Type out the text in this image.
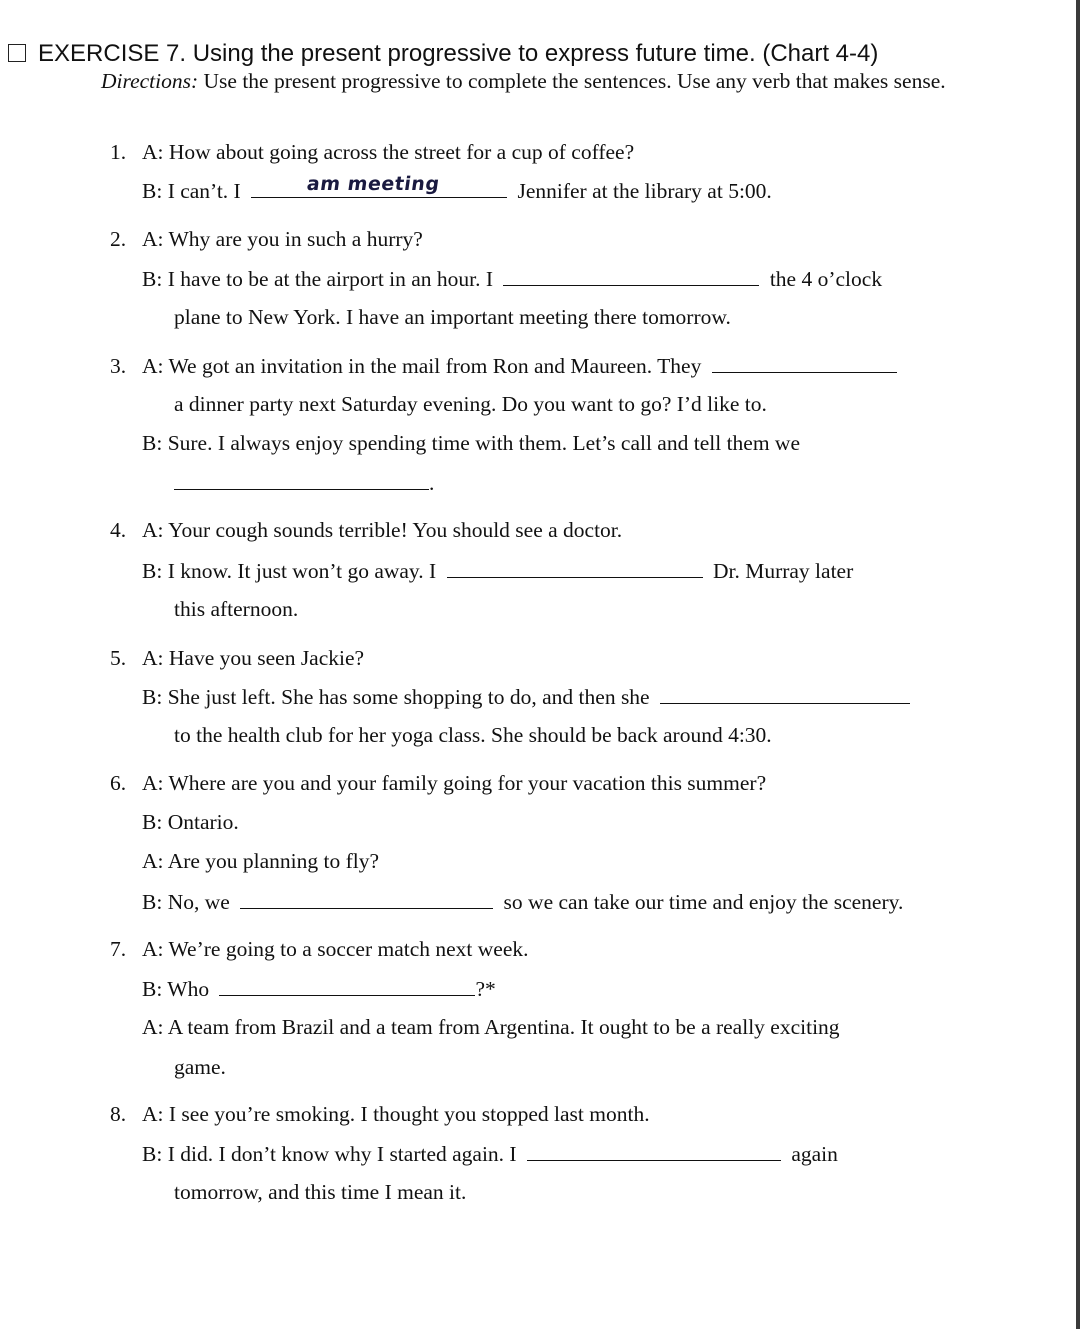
EXERCISE 7. Using the present progressive to express future time. (Chart 4-4)
Directions: Use the present progressive to complete the sentences. Use any verb that makes sense.
1. A: How about going across the street for a cup of coffee?
B: I can’t. I	am meeting	Jennifer at the library at 5:00.
2. A: Why are you in such a hurry?
B: I have to be at the airport in an hour. I	the 4 o’clock
plane to New York. I have an important meeting there tomorrow.
3. A: We got an invitation in the mail from Ron and Maureen. They
a dinner party next Saturday evening. Do you want to go? I’d like to.
B: Sure. I always enjoy spending time with them. Let’s call and tell them we
.
4. A: Your cough sounds terrible! You should see a doctor.
B: I know. It just won’t go away. I	Dr. Murray later
this afternoon.
5. A: Have you seen Jackie?
B: She just left. She has some shopping to do, and then she
to the health club for her yoga class. She should be back around 4:30.
6. A: Where are you and your family going for your vacation this summer?
B: Ontario.
A: Are you planning to fly?
B: No, we	so we can take our time and enjoy the scenery.
7. A: We’re going to a soccer match next week.
B: Who	?*
A: A team from Brazil and a team from Argentina. It ought to be a really exciting
game.
8. A: I see you’re smoking. I thought you stopped last month.
B: I did. I don’t know why I started again. I	again
tomorrow, and this time I mean it.
